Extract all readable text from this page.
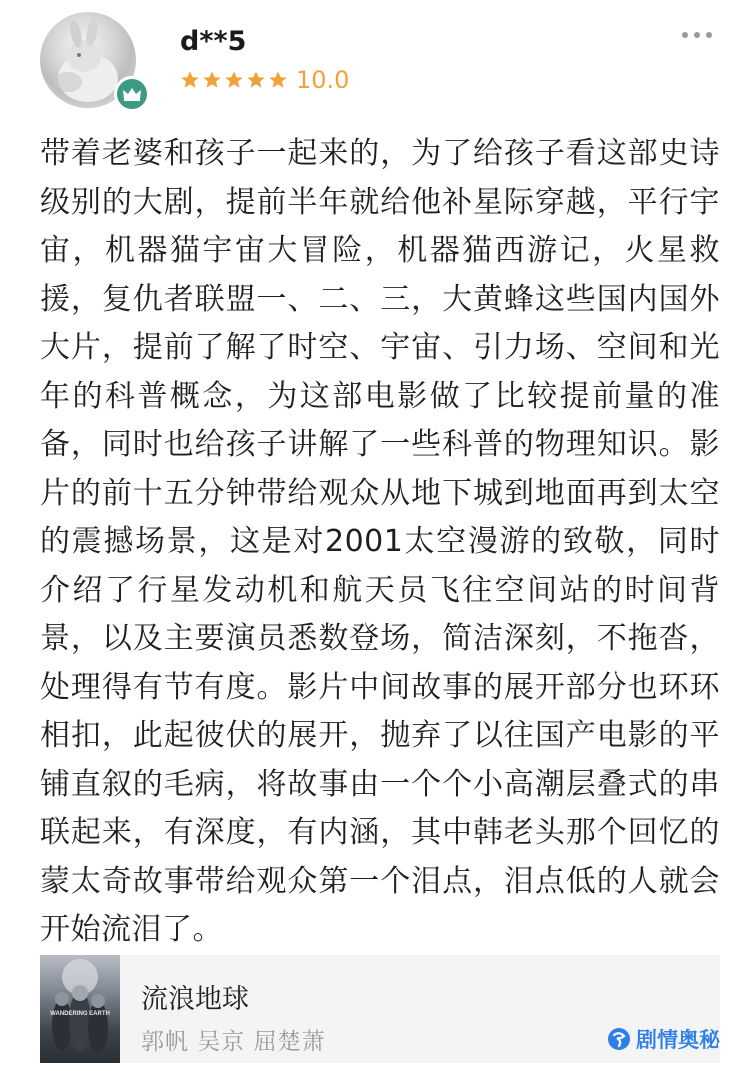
d**5
10.0
带着老婆和孩子一起来的，为了给孩子看这部史诗级别的大剧，提前半年就给他补星际穿越，平行宇宙，机器猫宇宙大冒险，机器猫西游记，火星救援，复仇者联盟一、二、三，大黄蜂这些国内国外大片，提前了解了时空、宇宙、引力场、空间和光年的科普概念，为这部电影做了比较提前量的准备，同时也给孩子讲解了一些科普的物理知识。影片的前十五分钟带给观众从地下城到地面再到太空的震撼场景，这是对2001太空漫游的致敬，同时介绍了行星发动机和航天员飞往空间站的时间背景，以及主要演员悉数登场，简洁深刻，不拖沓，处理得有节有度。影片中间故事的展开部分也环环相扣，此起彼伏的展开，抛弃了以往国产电影的平铺直叙的毛病，将故事由一个个小高潮层叠式的串联起来，有深度，有内涵，其中韩老头那个回忆的蒙太奇故事带给观众第一个泪点，泪点低的人就会开始流泪了。
WANDERING EARTH 流浪地球
郭帆 吴京 屈楚萧	剧情奥秘
